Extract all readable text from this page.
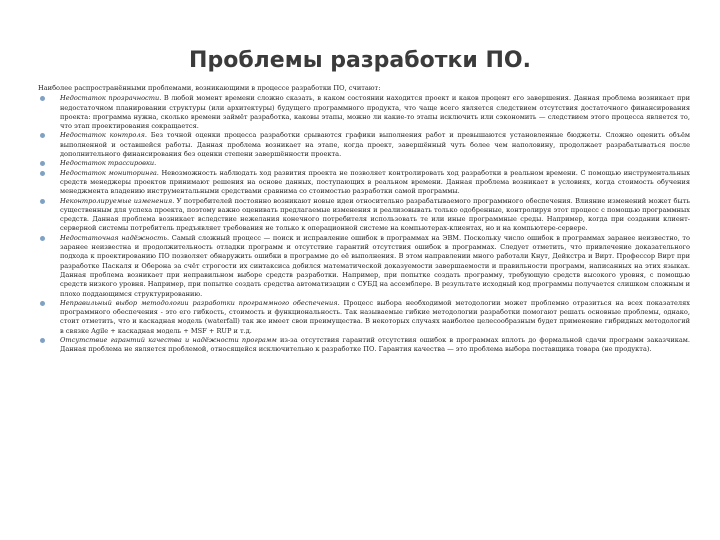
Проблемы разработки ПО.

Наиболее распространёнными проблемами, возникающими в процессе разработки ПО, считают:

Недостаток прозрачности. В любой момент времени сложно сказать, в каком состоянии находится проект и каков процент его завершения. Данная проблема возникает при недостаточном планировании структуры (или архитектуры) будущего программного продукта, что чаще всего является следствием отсутствия достаточного финансирования проекта: программа нужна, сколько времени займёт разработка, каковы этапы, можно ли какие-то этапы исключить или сэкономить — следствием этого процесса является то, что этап проектирования сокращается.
Недостаток контроля. Без точной оценки процесса разработки срываются графики выполнения работ и превышаются установленные бюджеты. Сложно оценить объём выполненной и оставшейся работы. Данная проблема возникает на этапе, когда проект, завершённый чуть более чем наполовину, продолжает разрабатываться после дополнительного финансирования без оценки степени завершённости проекта.
Недостаток трассировки.
Недостаток мониторинга. Невозможность наблюдать ход развития проекта не позволяет контролировать ход разработки в реальном времени. С помощью инструментальных средств менеджеры проектов принимают решения на основе данных, поступающих в реальном времени. Данная проблема возникает в условиях, когда стоимость обучения менеджмента владению инструментальными средствами сравнима со стоимостью разработки самой программы.
Неконтролируемые изменения. У потребителей постоянно возникают новые идеи относительно разрабатываемого программного обеспечения. Влияние изменений может быть существенным для успеха проекта, поэтому важно оценивать предлагаемые изменения и реализовывать только одобренные, контролируя этот процесс с помощью программных средств. Данная проблема возникает вследствие нежелания конечного потребителя использовать те или иные программные среды. Например, когда при создании клиент-серверной системы потребитель предъявляет требования не только к операционной системе на компьютерах-клиентах, но и на компьютере-сервере.
Недостаточная надёжность. Самый сложный процесс — поиск и исправление ошибок в программах на ЭВМ. Поскольку число ошибок в программах заранее неизвестно, то заранее неизвестна и продолжительность отладки программ и отсутствие гарантий отсутствия ошибок в программах. Следует отметить, что привлечение доказательного подхода к проектированию ПО позволяет обнаружить ошибки в программе до её выполнения. В этом направлении много работали Кнут, Дейкстра и Вирт. Профессор Вирт при разработке Паскаля и Оберона за счёт строгости их синтаксиса добился математической доказуемости завершаемости и правильности программ, написанных на этих языках. Данная проблема возникает при неправильном выборе средств разработки. Например, при попытке создать программу, требующую средств высокого уровня, с помощью средств низкого уровня. Например, при попытке создать средства автоматизации с СУБД на ассемблере. В результате исходный код программы получается слишком сложным и плохо поддающимся структурированию.
Неправильный выбор методологии разработки программного обеспечения. Процесс выбора необходимой методологии может проблемно отразиться на всех показателях программного обеспечения - это его гибкость, стоимость и функциональность. Так называемые гибкие методологии разработки помогают решать основные проблемы, однако, стоит отметить, что и каскадная модель (waterfall) так же имеет свои преимущества. В некоторых случаях наиболее целесообразным будет применение гибридных методологий в связке Agile + каскадная модель + MSF + RUP и т.д.
Отсутствие гарантий качества и надёжности программ из-за отсутствия гарантий отсутствия ошибок в программах вплоть до формальной сдачи программ заказчикам. Данная проблема не является проблемой, относящейся исключительно к разработке ПО. Гарантия качества — это проблема выбора поставщика товара (не продукта).
